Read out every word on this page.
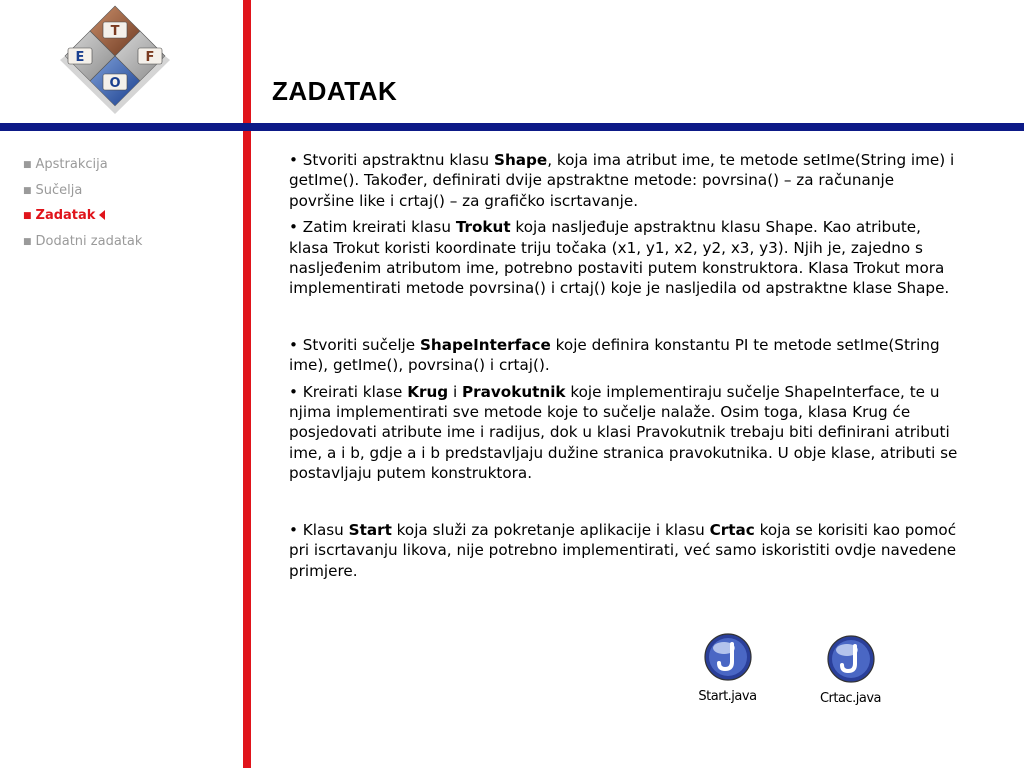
T
E	F
O	ZADATAK
■ Apstrakcija
■ Sučelja
■ Zadatak
■ Dodatni zadatak

• Stvoriti apstraktnu klasu Shape, koja ima atribut ime, te metode setIme(String ime) i getIme(). Također, definirati dvije apstraktne metode: povrsina() – za računanje površine like i crtaj() – za grafičko iscrtavanje.

• Zatim kreirati klasu Trokut koja nasljeđuje apstraktnu klasu Shape. Kao atribute, klasa Trokut koristi koordinate triju točaka (x1, y1, x2, y2, x3, y3). Njih je, zajedno s nasljeđenim atributom ime, potrebno postaviti putem konstruktora. Klasa Trokut mora implementirati metode povrsina() i crtaj() koje je nasljedila od apstraktne klase Shape.

• Stvoriti sučelje ShapeInterface koje definira konstantu PI te metode setIme(String ime), getIme(), povrsina() i crtaj().

• Kreirati klase Krug i Pravokutnik koje implementiraju sučelje ShapeInterface, te u njima implementirati sve metode koje to sučelje nalaže. Osim toga, klasa Krug će posjedovati atribute ime i radijus, dok u klasi Pravokutnik trebaju biti definirani atributi ime, a i b, gdje a i b predstavljaju dužine stranica pravokutnika. U obje klase, atributi se postavljaju putem konstruktora.

• Klasu Start koja služi za pokretanje aplikacije i klasu Crtac koja se korisiti kao pomoć pri iscrtavanju likova, nije potrebno implementirati, već samo iskoristiti ovdje navedene primjere.

Start.java	Crtac.java
